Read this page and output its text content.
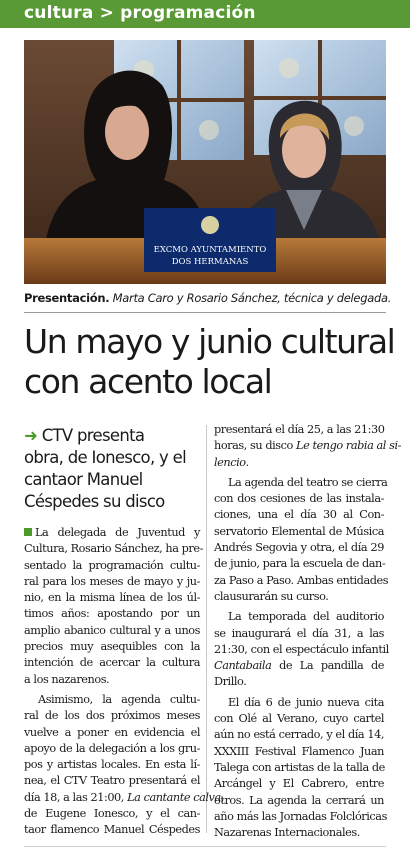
cultura > programación
EXCMO AYUNTAMIENTO
DOS HERMANAS
Presentación. Marta Caro y Rosario Sánchez, técnica y delegada.
Un mayo y junio cultural
con acento local
➜ CTV presenta
obra, de Ionesco, y el
cantaor Manuel
Céspedes su disco
La delegada de Juventud y
Cultura, Rosario Sánchez, ha pre-
sentado la programación cultu-
ral para los meses de mayo y ju-
nio, en la misma línea de los úl-
timos años: apostando por un
amplio abanico cultural y a unos
precios muy asequibles con la
intención de acercar la cultura
a los nazarenos.
Asimismo, la agenda cultu-
ral de los dos próximos meses
vuelve a poner en evidencia el
apoyo de la delegación a los gru-
pos y artistas locales. En esta lí-
nea, el CTV Teatro presentará el
día 18, a las 21:00, La cantante calva,
de Eugene Ionesco, y el can-
taor flamenco Manuel Céspedes
presentará el día 25, a las 21:30
horas, su disco Le tengo rabia al si-
lencio.
La agenda del teatro se cierra
con dos cesiones de las instala-
ciones, una el día 30 al Con-
servatorio Elemental de Música
Andrés Segovia y otra, el día 29
de junio, para la escuela de dan-
za Paso a Paso. Ambas entidades
clausurarán su curso.
La temporada del auditorio
se inaugurará el día 31, a las
21:30, con el espectáculo infantil
Cantabaila de La pandilla de
Drillo.
El día 6 de junio nueva cita
con Olé al Verano, cuyo cartel
aún no está cerrado, y el día 14,
XXXIII Festival Flamenco Juan
Talega con artistas de la talla de
Arcángel y El Cabrero, entre
otros. La agenda la cerrará un
año más las Jornadas Folclóricas
Nazarenas Internacionales.
